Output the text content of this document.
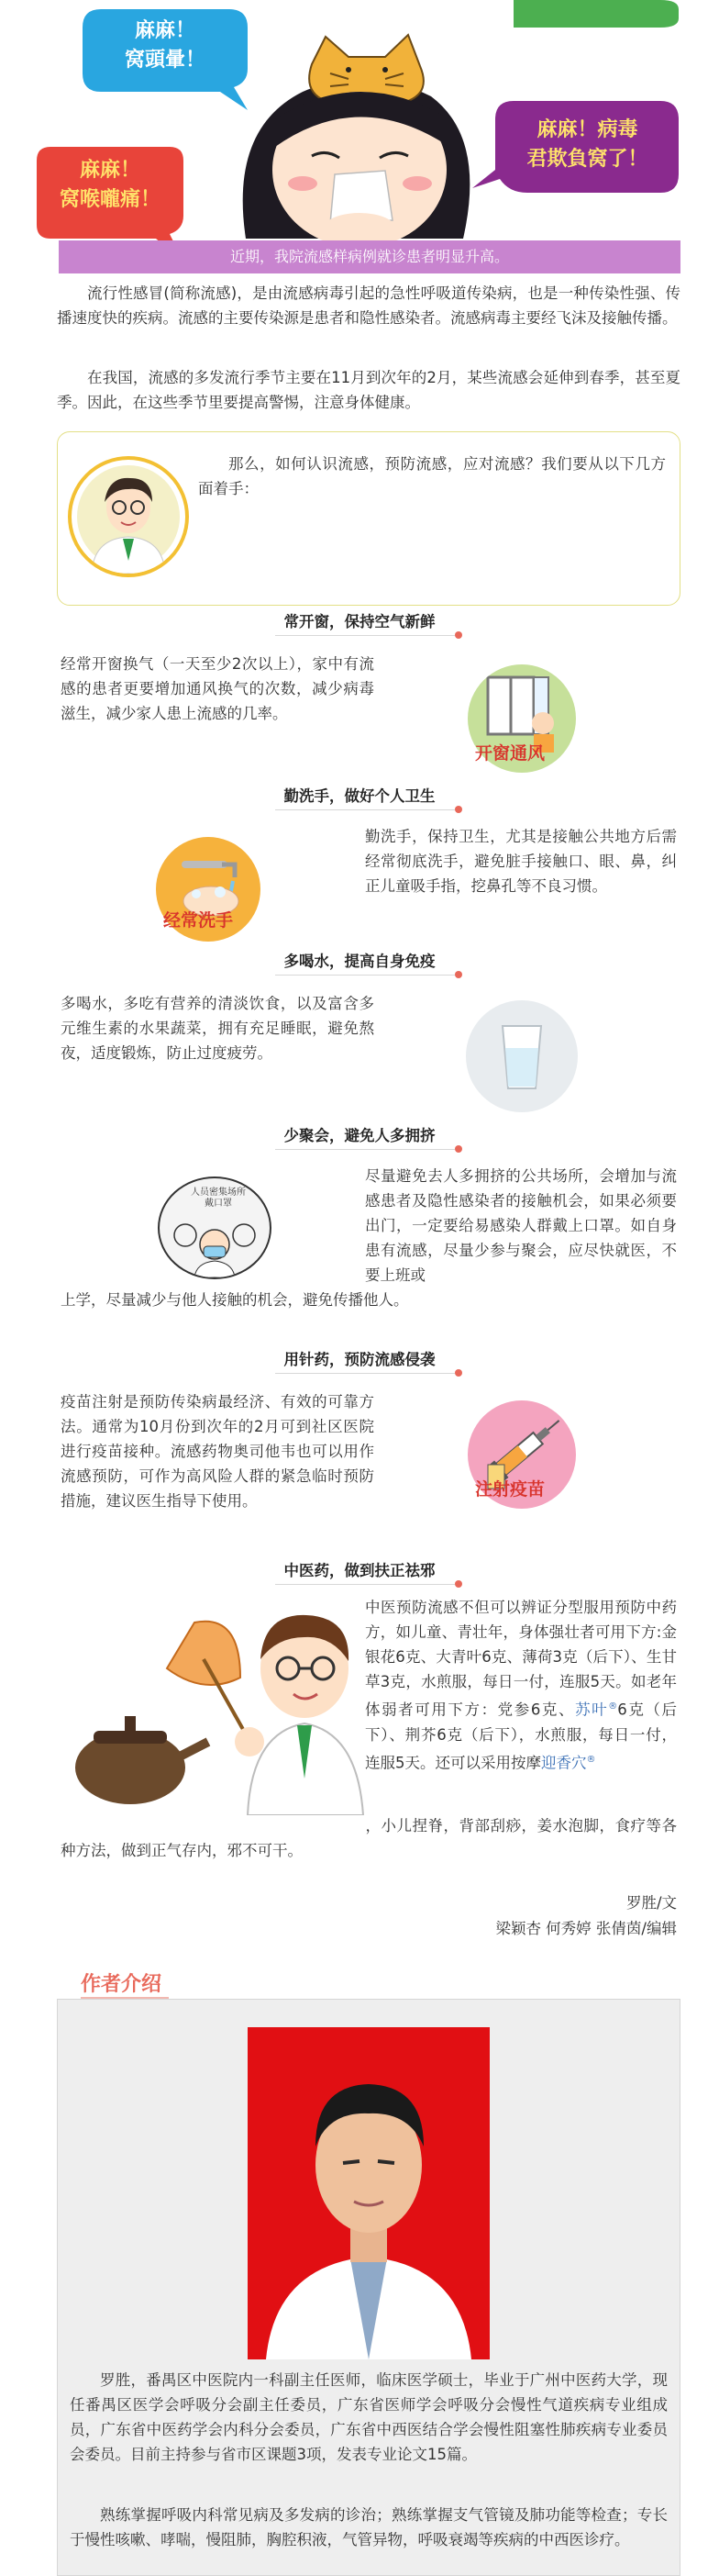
麻麻！
窝頭暈！
麻麻！
窝喉嚨痛！
麻麻！病毒
君欺負窝了！
近期，我院流感样病例就诊患者明显升高。

流行性感冒(简称流感)，是由流感病毒引起的急性呼吸道传染病，也是一种传染性强、传播速度快的疾病。流感的主要传染源是患者和隐性感染者。流感病毒主要经飞沫及接触传播。

在我国，流感的多发流行季节主要在11月到次年的2月，某些流感会延伸到春季，甚至夏季。因此，在这些季节里要提高警惕，注意身体健康。

那么，如何认识流感，预防流感，应对流感？我们要从以下几方面着手：

常开窗，保持空气新鲜

经常开窗换气（一天至少2次以上），家中有流感的患者更要增加通风换气的次数，减少病毒滋生，减少家人患上流感的几率。

开窗通风
勤洗手，做好个人卫生

勤洗手，保持卫生，尤其是接触公共地方后需经常彻底洗手，避免脏手接触口、眼、鼻，纠正儿童吸手指，挖鼻孔等不良习惯。

经常洗手
多喝水，提高自身免疫

多喝水，多吃有营养的清淡饮食，以及富含多元维生素的水果蔬菜，拥有充足睡眠，避免熬夜，适度锻炼，防止过度疲劳。

少聚会，避免人多拥挤

尽量避免去人多拥挤的公共场所，会增加与流感患者及隐性感染者的接触机会，如果必须要出门，一定要给易感染人群戴上口罩。如自身患有流感，尽量少参与聚会，应尽快就医，不要上班或

上学，尽量减少与他人接触的机会，避免传播他人。

人员密集场所
戴口罩
用针药，预防流感侵袭

疫苗注射是预防传染病最经济、有效的可靠方法。通常为10月份到次年的2月可到社区医院进行疫苗接种。流感药物奥司他韦也可以用作流感预防，可作为高风险人群的紧急临时预防措施，建议医生指导下使用。

注射疫苗
中医药，做到扶正祛邪

中医预防流感不但可以辨证分型服用预防中药方，如儿童、青壮年，身体强壮者可用下方:金银花6克、大青叶6克、薄荷3克（后下）、生甘草3克，水煎服，每日一付，连服5天。如老年体弱者可用下方：党参6克、苏叶®6克（后下）、荆芥6克（后下），水煎服，每日一付，连服5天。还可以采用按摩迎香穴®

，小儿捏脊，背部刮痧，姜水泡脚，食疗等各种方法，做到正气存内，邪不可干。

罗胜/文
梁颖杏 何秀婷 张倩茵/编辑
作者介绍

罗胜，番禺区中医院内一科副主任医师，临床医学硕士，毕业于广州中医药大学，现任番禺区医学会呼吸分会副主任委员，广东省医师学会呼吸分会慢性气道疾病专业组成员，广东省中医药学会内科分会委员，广东省中西医结合学会慢性阻塞性肺疾病专业委员会委员。目前主持参与省市区课题3项，发表专业论文15篇。

熟练掌握呼吸内科常见病及多发病的诊治；熟练掌握支气管镜及肺功能等检查；专长于慢性咳嗽、哮喘，慢阻肺，胸腔积液，气管异物，呼吸衰竭等疾病的中西医诊疗。
